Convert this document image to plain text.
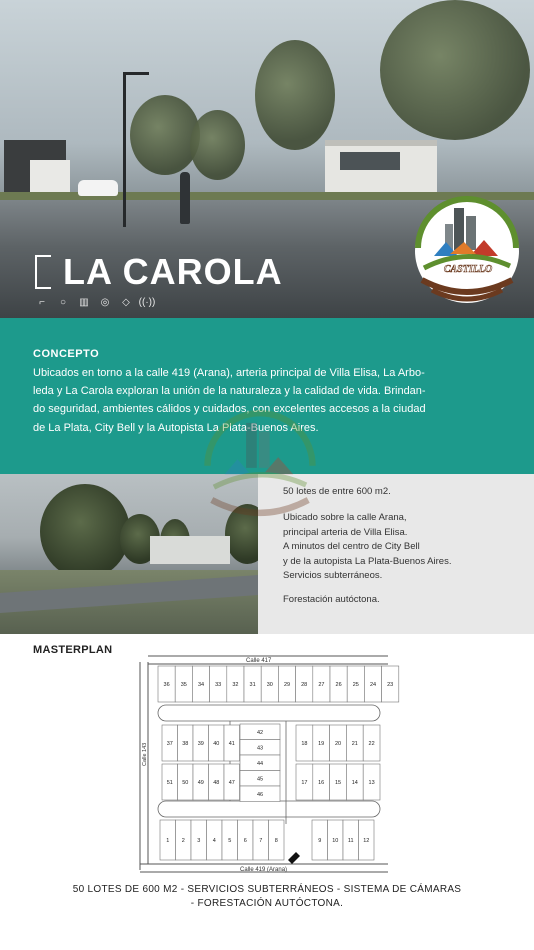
LA CAROLA
⌐	○ ▥ ◎ ◇ ((·))
CASTILLO
CONCEPTO
Ubicados en torno a la calle 419 (Arana), arteria principal de Villa Elisa, La Arbo-
leda y La Carola exploran la unión de la naturaleza y la calidad de vida. Brindan-
do seguridad, ambientes cálidos y cuidados, con excelentes accesos a la ciudad
de La Plata, City Bell y la Autopista La Plata-Buenos Aires.
50 lotes de entre 600 m2.
Ubicado sobre la calle Arana,
principal arteria de Villa Elisa.
A minutos del centro de City Bell
y de la autopista La Plata-Buenos Aires.
Servicios subterráneos.
Forestación autóctona.
MASTERPLAN
Calle 417
Calle 143
Calle 419 (Arana)
36 35 34 33 32 31 30 29 28 27 26 25 24 23
37 38 39 40 41
51 50 49 48 47
42
43
44
45
46
18 19 20 21 22
17 16 15 14 13
1 2 3 4 5 6 7 8	9 10 11 12
50 LOTES DE 600 M2 - SERVICIOS SUBTERRÁNEOS - SISTEMA DE CÁMARAS
- FORESTACIÓN AUTÓCTONA.
